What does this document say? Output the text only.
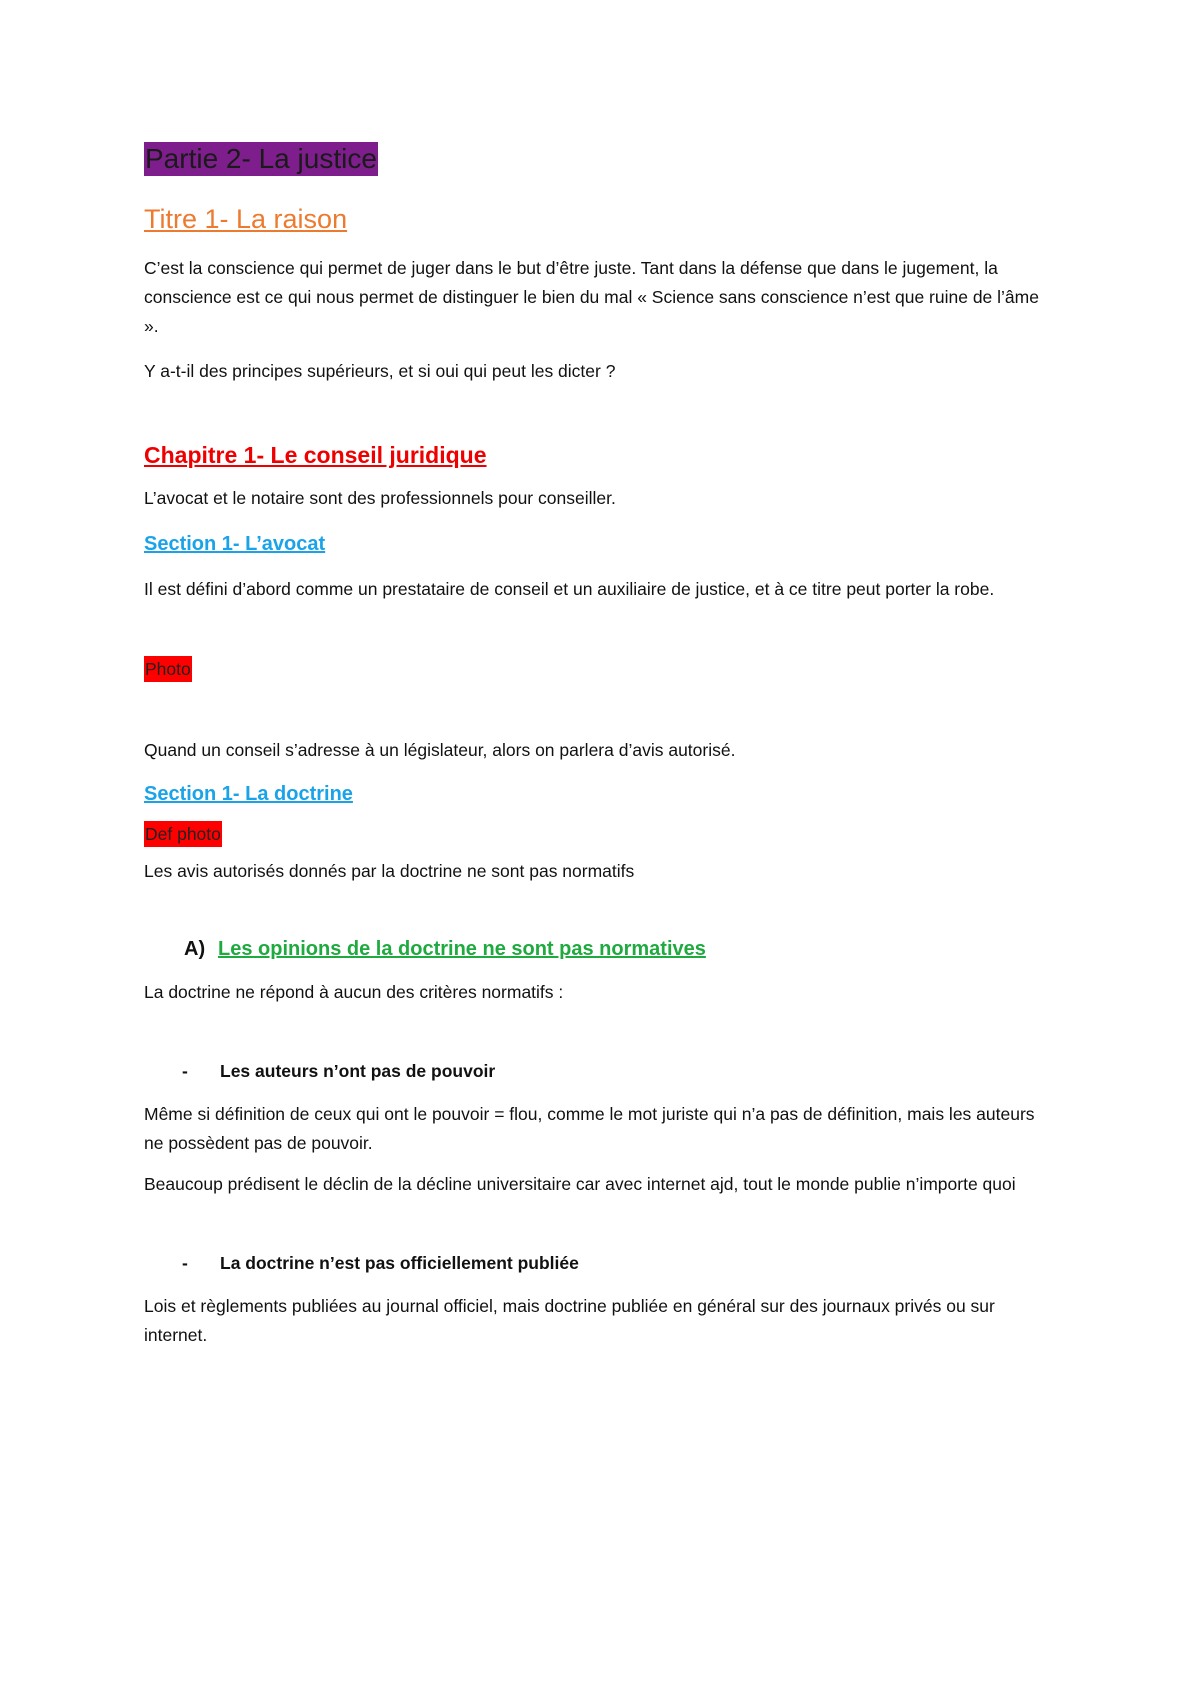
Partie 2- La justice
Titre 1- La raison

C’est la conscience qui permet de juger dans le but d’être juste. Tant dans la défense que dans le jugement, la conscience est ce qui nous permet de distinguer le bien du mal « Science sans conscience n’est que ruine de l’âme ».

Y a-t-il des principes supérieurs, et si oui qui peut les dicter ?

Chapitre 1- Le conseil juridique

L’avocat et le notaire sont des professionnels pour conseiller.

Section 1- L’avocat

Il est défini d’abord comme un prestataire de conseil et un auxiliaire de justice, et à ce titre peut porter la robe.

Photo

Quand un conseil s’adresse à un législateur, alors on parlera d’avis autorisé.

Section 1- La doctrine
Def photo

Les avis autorisés donnés par la doctrine ne sont pas normatifs

A) Les opinions de la doctrine ne sont pas normatives

La doctrine ne répond à aucun des critères normatifs :

-	Les auteurs n’ont pas de pouvoir

Même si définition de ceux qui ont le pouvoir = flou, comme le mot juriste qui n’a pas de définition, mais les auteurs ne possèdent pas de pouvoir.

Beaucoup prédisent le déclin de la décline universitaire car avec internet ajd, tout le monde publie n’importe quoi

-	La doctrine n’est pas officiellement publiée

Lois et règlements publiées au journal officiel, mais doctrine publiée en général sur des journaux privés ou sur internet.
